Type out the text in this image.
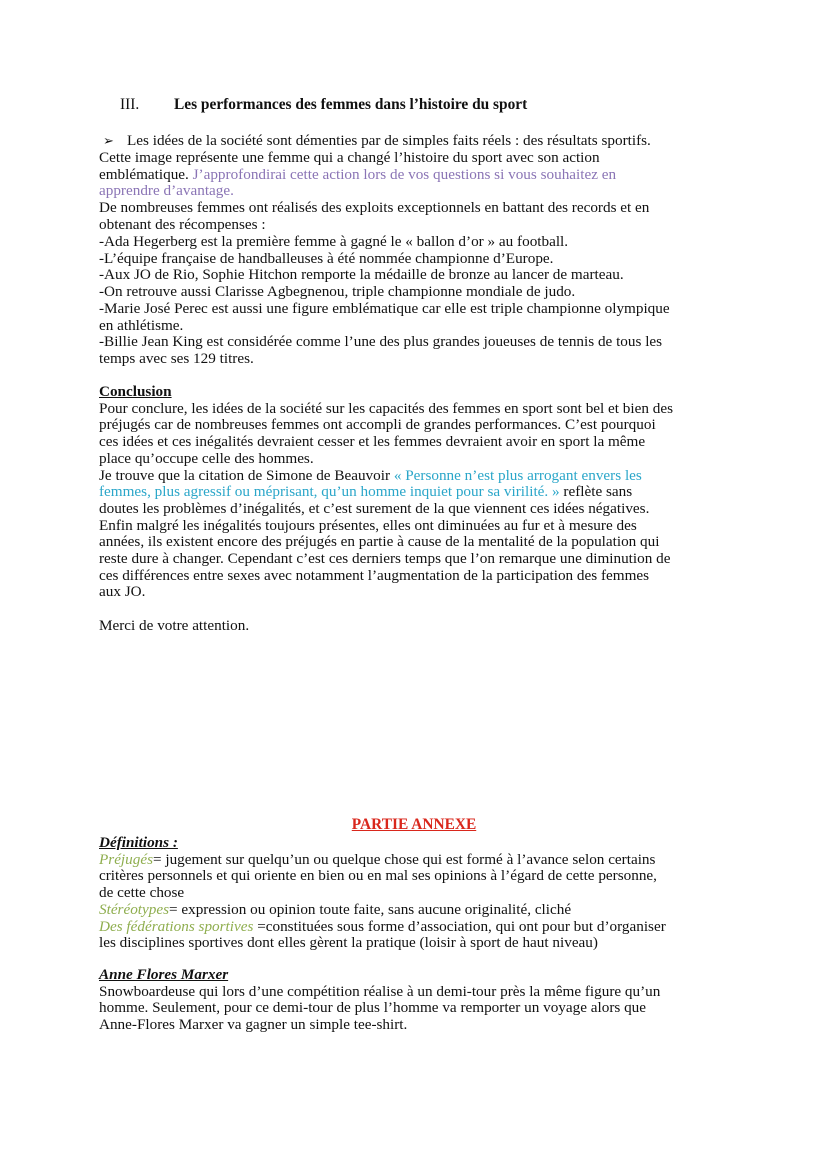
III. Les performances des femmes dans l’histoire du sport
➢ Les idées de la société sont démenties par de simples faits réels : des résultats sportifs.

Cette image représente une femme qui a changé l’histoire du sport avec son action

emblématique. J’approfondirai cette action lors de vos questions si vous souhaitez en

apprendre d’avantage.

De nombreuses femmes ont réalisés des exploits exceptionnels en battant des records et en

obtenant des récompenses :

-Ada Hegerberg est la première femme à gagné le « ballon d’or » au football.

-L’équipe française de handballeuses à été nommée championne d’Europe.

-Aux JO de Rio, Sophie Hitchon remporte la médaille de bronze au lancer de marteau.

-On retrouve aussi Clarisse Agbegnenou, triple championne mondiale de judo.

-Marie José Perec est aussi une figure emblématique car elle est triple championne olympique

en athlétisme.

-Billie Jean King est considérée comme l’une des plus grandes joueuses de tennis de tous les

temps avec ses 129 titres.

Conclusion

Pour conclure, les idées de la société sur les capacités des femmes en sport sont bel et bien des

préjugés car de nombreuses femmes ont accompli de grandes performances. C’est pourquoi

ces idées et ces inégalités devraient cesser et les femmes devraient avoir en sport la même

place qu’occupe celle des hommes.

Je trouve que la citation de Simone de Beauvoir « Personne n’est plus arrogant envers les

femmes, plus agressif ou méprisant, qu’un homme inquiet pour sa virilité. » reflète sans

doutes les problèmes d’inégalités, et c’est surement de la que viennent ces idées négatives.

Enfin malgré les inégalités toujours présentes, elles ont diminuées au fur et à mesure des

années, ils existent encore des préjugés en partie à cause de la mentalité de la population qui

reste dure à changer. Cependant c’est ces derniers temps que l’on remarque une diminution de

ces différences entre sexes avec notamment l’augmentation de la participation des femmes

aux JO.

Merci de votre attention.

PARTIE ANNEXE

Définitions :

Préjugés= jugement sur quelqu’un ou quelque chose qui est formé à l’avance selon certains

critères personnels et qui oriente en bien ou en mal ses opinions à l’égard de cette personne,

de cette chose

Stéréotypes= expression ou opinion toute faite, sans aucune originalité, cliché

Des fédérations sportives =constituées sous forme d’association, qui ont pour but d’organiser

les disciplines sportives dont elles gèrent la pratique (loisir à sport de haut niveau)

Anne Flores Marxer

Snowboardeuse qui lors d’une compétition réalise à un demi-tour près la même figure qu’un

homme. Seulement, pour ce demi-tour de plus l’homme va remporter un voyage alors que

Anne-Flores Marxer va gagner un simple tee-shirt.
